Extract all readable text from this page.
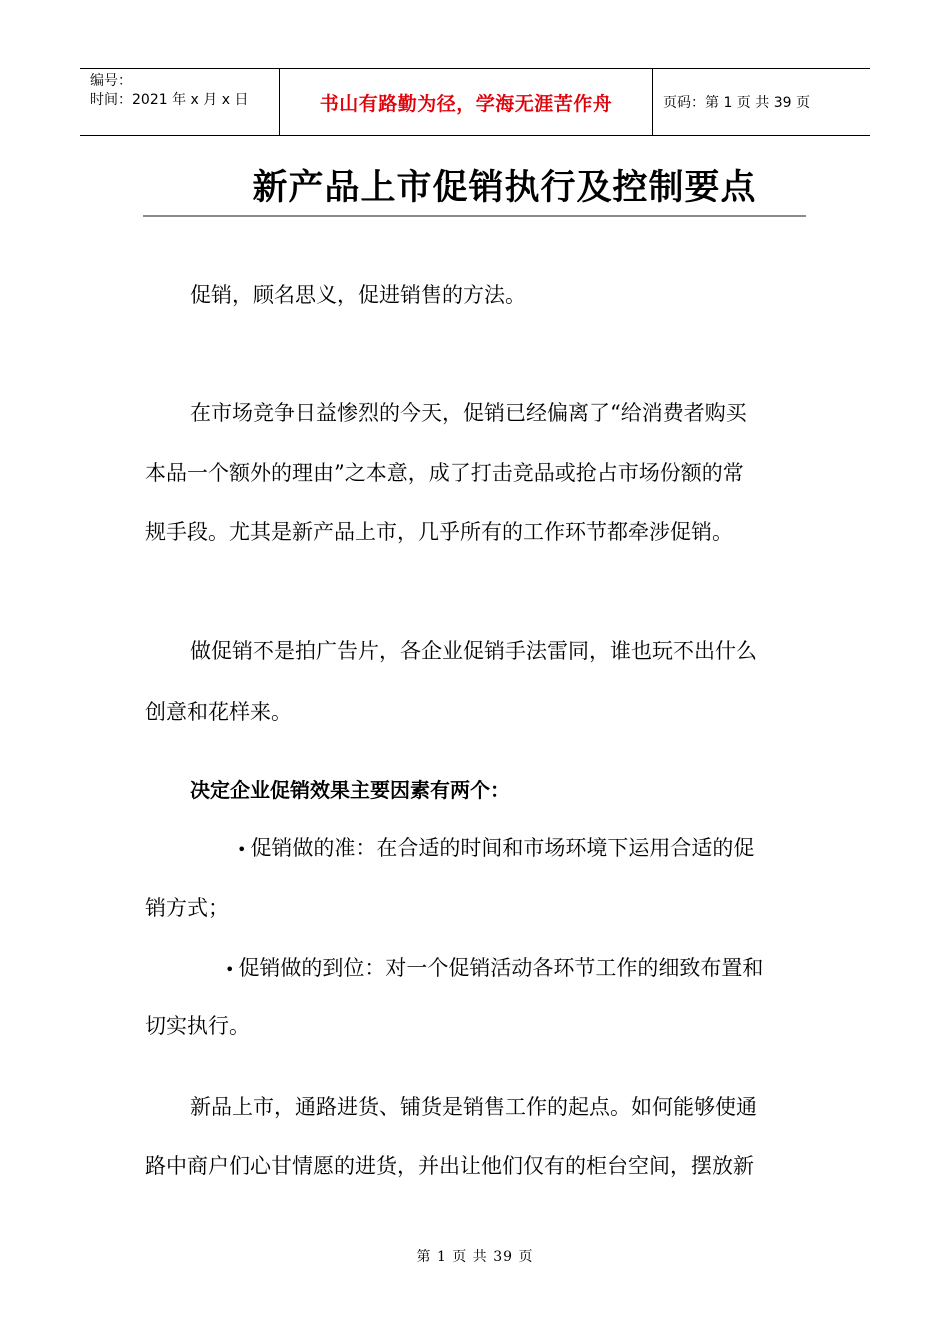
编号：
时间：2021 年 x 月 x 日	书山有路勤为径，学海无涯苦作舟	页码：第 1 页 共 39 页
新产品上市促销执行及控制要点
促销，顾名思义，促进销售的方法。
在市场竞争日益惨烈的今天，促销已经偏离了“给消费者购买
本品一个额外的理由”之本意，成了打击竞品或抢占市场份额的常
规手段。尤其是新产品上市，几乎所有的工作环节都牵涉促销。
做促销不是拍广告片，各企业促销手法雷同，谁也玩不出什么
创意和花样来。
决定企业促销效果主要因素有两个：
• 促销做的准：在合适的时间和市场环境下运用合适的促
销方式；
• 促销做的到位：对一个促销活动各环节工作的细致布置和
切实执行。
新品上市，通路进货、铺货是销售工作的起点。如何能够使通
路中商户们心甘情愿的进货，并出让他们仅有的柜台空间，摆放新
第 1 页 共 39 页
